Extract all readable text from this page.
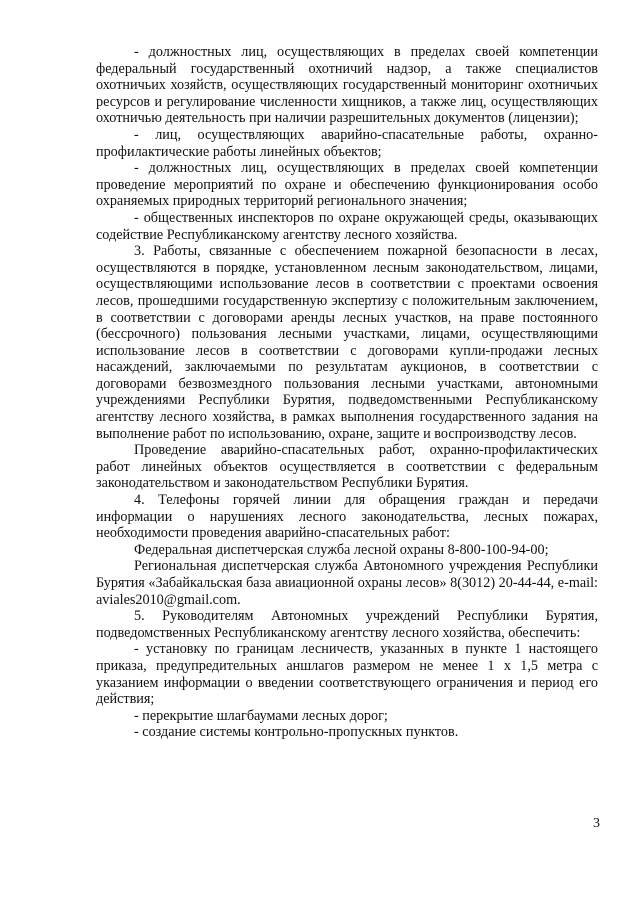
- должностных лиц, осуществляющих в пределах своей компетенции федеральный государственный охотничий надзор, а также специалистов охотничьих хозяйств, осуществляющих государственный мониторинг охотничьих ресурсов и регулирование численности хищников, а также лиц, осуществляющих охотничью деятельность при наличии разрешительных документов (лицензии);

- лиц, осуществляющих аварийно-спасательные работы, охранно-профилактические работы линейных объектов;

- должностных лиц, осуществляющих в пределах своей компетенции проведение мероприятий по охране и обеспечению функционирования особо охраняемых природных территорий регионального значения;

- общественных инспекторов по охране окружающей среды, оказывающих содействие Республиканскому агентству лесного хозяйства.

3. Работы, связанные с обеспечением пожарной безопасности в лесах, осуществляются в порядке, установленном лесным законодательством, лицами, осуществляющими использование лесов в соответствии с проектами освоения лесов, прошедшими государственную экспертизу с положительным заключением, в соответствии с договорами аренды лесных участков, на праве постоянного (бессрочного) пользования лесными участками, лицами, осуществляющими использование лесов в соответствии с договорами купли-продажи лесных насаждений, заключаемыми по результатам аукционов, в соответствии с договорами безвозмездного пользования лесными участками, автономными учреждениями Республики Бурятия, подведомственными Республиканскому агентству лесного хозяйства, в рамках выполнения государственного задания на выполнение работ по использованию, охране, защите и воспроизводству лесов.

Проведение аварийно-спасательных работ, охранно-профилактических работ линейных объектов осуществляется в соответствии с федеральным законодательством и законодательством Республики Бурятия.

4. Телефоны горячей линии для обращения граждан и передачи информации о нарушениях лесного законодательства, лесных пожарах, необходимости проведения аварийно-спасательных работ:

Федеральная диспетчерская служба лесной охраны 8-800-100-94-00;

Региональная диспетчерская служба Автономного учреждения Республики Бурятия «Забайкальская база авиационной охраны лесов» 8(3012) 20-44-44, e-mail: aviales2010@gmail.com.

5. Руководителям Автономных учреждений Республики Бурятия, подведомственных Республиканскому агентству лесного хозяйства, обеспечить:

- установку по границам лесничеств, указанных в пункте 1 настоящего приказа, предупредительных аншлагов размером не менее 1 х 1,5 метра с указанием информации о введении соответствующего ограничения и период его действия;

- перекрытие шлагбаумами лесных дорог;

- создание системы контрольно-пропускных пунктов.

3
